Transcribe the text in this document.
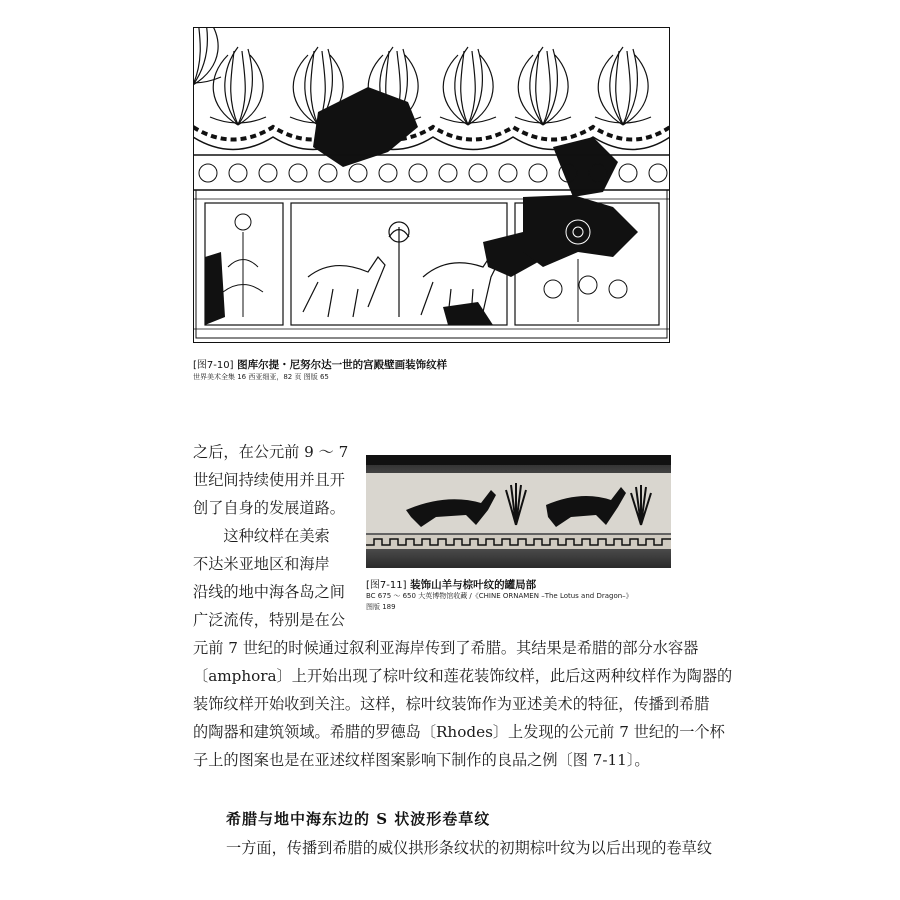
[图7-10] 图库尔提・尼努尔达一世的宫殿壁画装饰纹样
世界美术全集 16 西亚细亚，82 页 图版 65
[图7-11] 装饰山羊与棕叶纹的罐局部
BC 675 ～ 650 大英博物馆收藏 /《CHINE ORNAMEN –The Lotus and Dragon–》
图版 189
之后，在公元前 9 ～ 7
世纪间持续使用并且开
创了自身的发展道路。
　　这种纹样在美索
不达米亚地区和海岸
沿线的地中海各岛之间
广泛流传，特别是在公
元前 7 世纪的时候通过叙利亚海岸传到了希腊。其结果是希腊的部分水容器
〔amphora〕上开始出现了棕叶纹和莲花装饰纹样，此后这两种纹样作为陶器的
装饰纹样开始收到关注。这样，棕叶纹装饰作为亚述美术的特征，传播到希腊
的陶器和建筑领域。希腊的罗德岛〔Rhodes〕上发现的公元前 7 世纪的一个杯
子上的图案也是在亚述纹样图案影响下制作的良品之例〔图 7-11〕。
希腊与地中海东边的 S 状波形卷草纹
一方面，传播到希腊的威仪拱形条纹状的初期棕叶纹为以后出现的卷草纹
